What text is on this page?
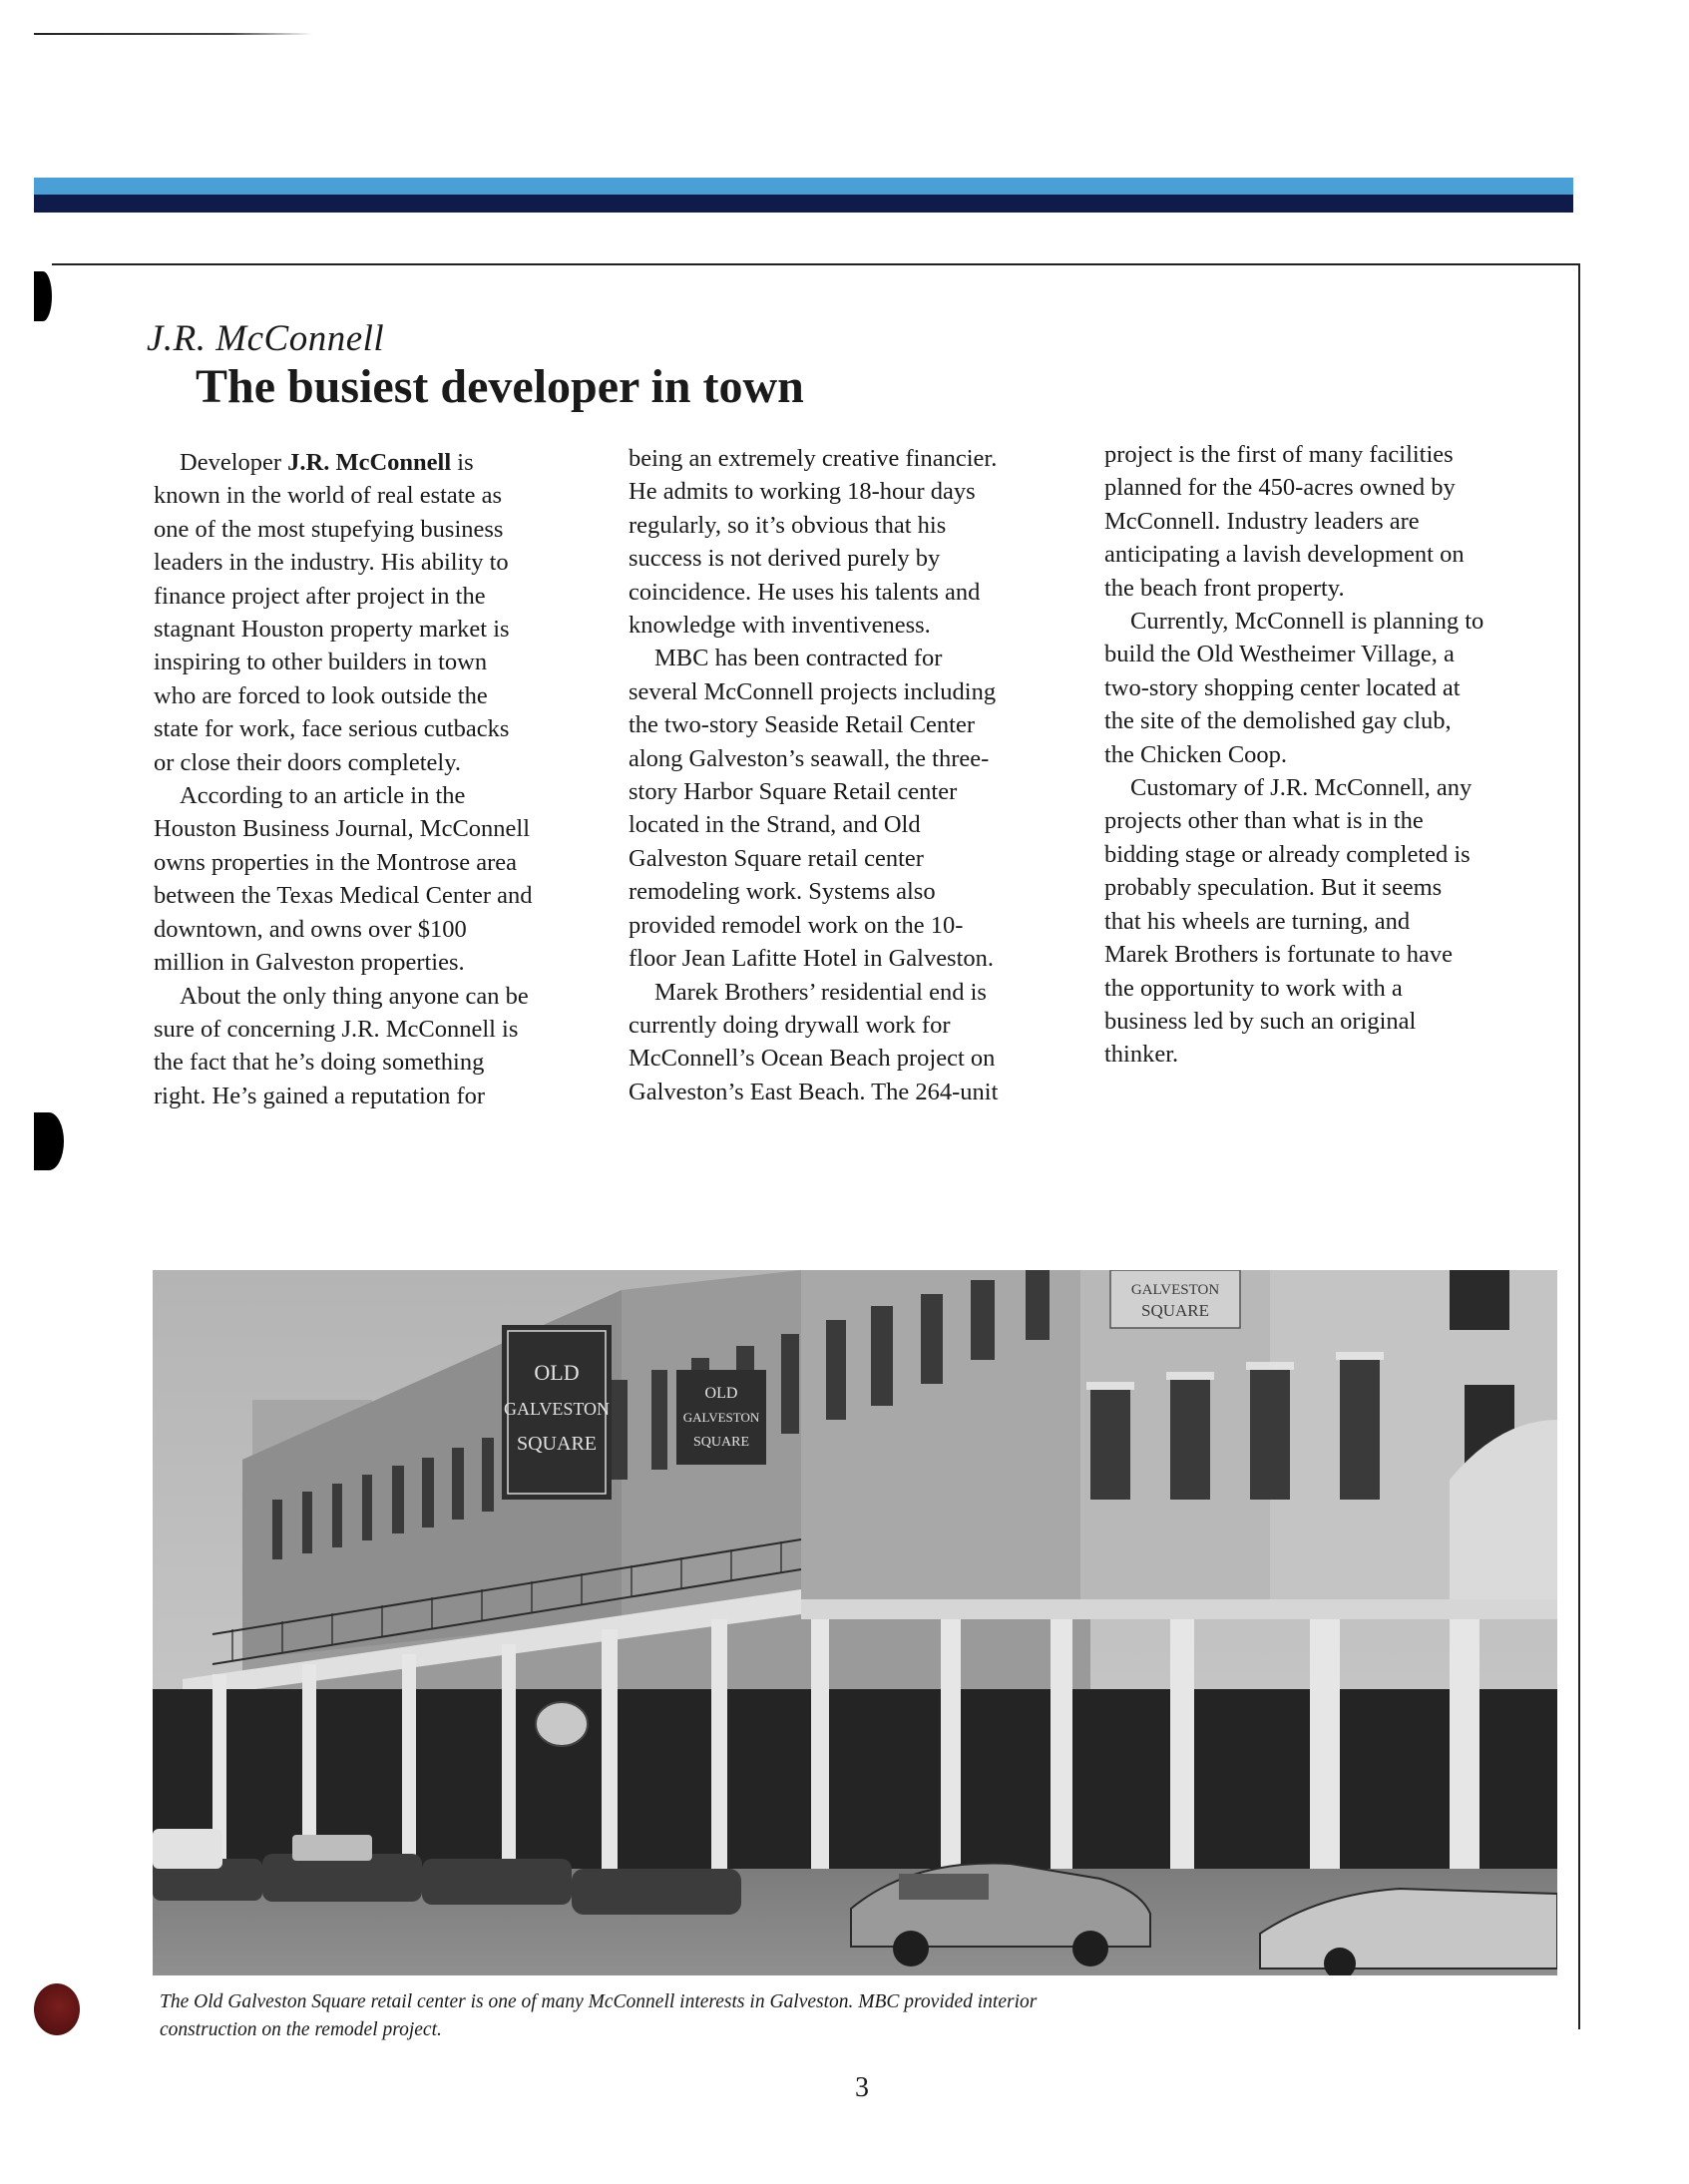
J.R. McConnell
The busiest developer in town
Developer J.R. McConnell is
known in the world of real estate as
one of the most stupefying business
leaders in the industry. His ability to
finance project after project in the
stagnant Houston property market is
inspiring to other builders in town
who are forced to look outside the
state for work, face serious cutbacks
or close their doors completely.
According to an article in the
Houston Business Journal, McConnell
owns properties in the Montrose area
between the Texas Medical Center and
downtown, and owns over $100
million in Galveston properties.
About the only thing anyone can be
sure of concerning J.R. McConnell is
the fact that he’s doing something
right. He’s gained a reputation for
being an extremely creative financier.
He admits to working 18-hour days
regularly, so it’s obvious that his
success is not derived purely by
coincidence. He uses his talents and
knowledge with inventiveness.
MBC has been contracted for
several McConnell projects including
the two-story Seaside Retail Center
along Galveston’s seawall, the three-
story Harbor Square Retail center
located in the Strand, and Old
Galveston Square retail center
remodeling work. Systems also
provided remodel work on the 10-
floor Jean Lafitte Hotel in Galveston.
Marek Brothers’ residential end is
currently doing drywall work for
McConnell’s Ocean Beach project on
Galveston’s East Beach. The 264-unit
project is the first of many facilities
planned for the 450-acres owned by
McConnell. Industry leaders are
anticipating a lavish development on
the beach front property.
Currently, McConnell is planning to
build the Old Westheimer Village, a
two-story shopping center located at
the site of the demolished gay club,
the Chicken Coop.
Customary of J.R. McConnell, any
projects other than what is in the
bidding stage or already completed is
probably speculation. But it seems
that his wheels are turning, and
Marek Brothers is fortunate to have
the opportunity to work with a
business led by such an original
thinker.
OLD
GALVESTON
SQUARE
OLD
GALVESTON
SQUARE
GALVESTON
SQUARE
The Old Galveston Square retail center is one of many McConnell interests in Galveston. MBC provided interior
construction on the remodel project.
3
